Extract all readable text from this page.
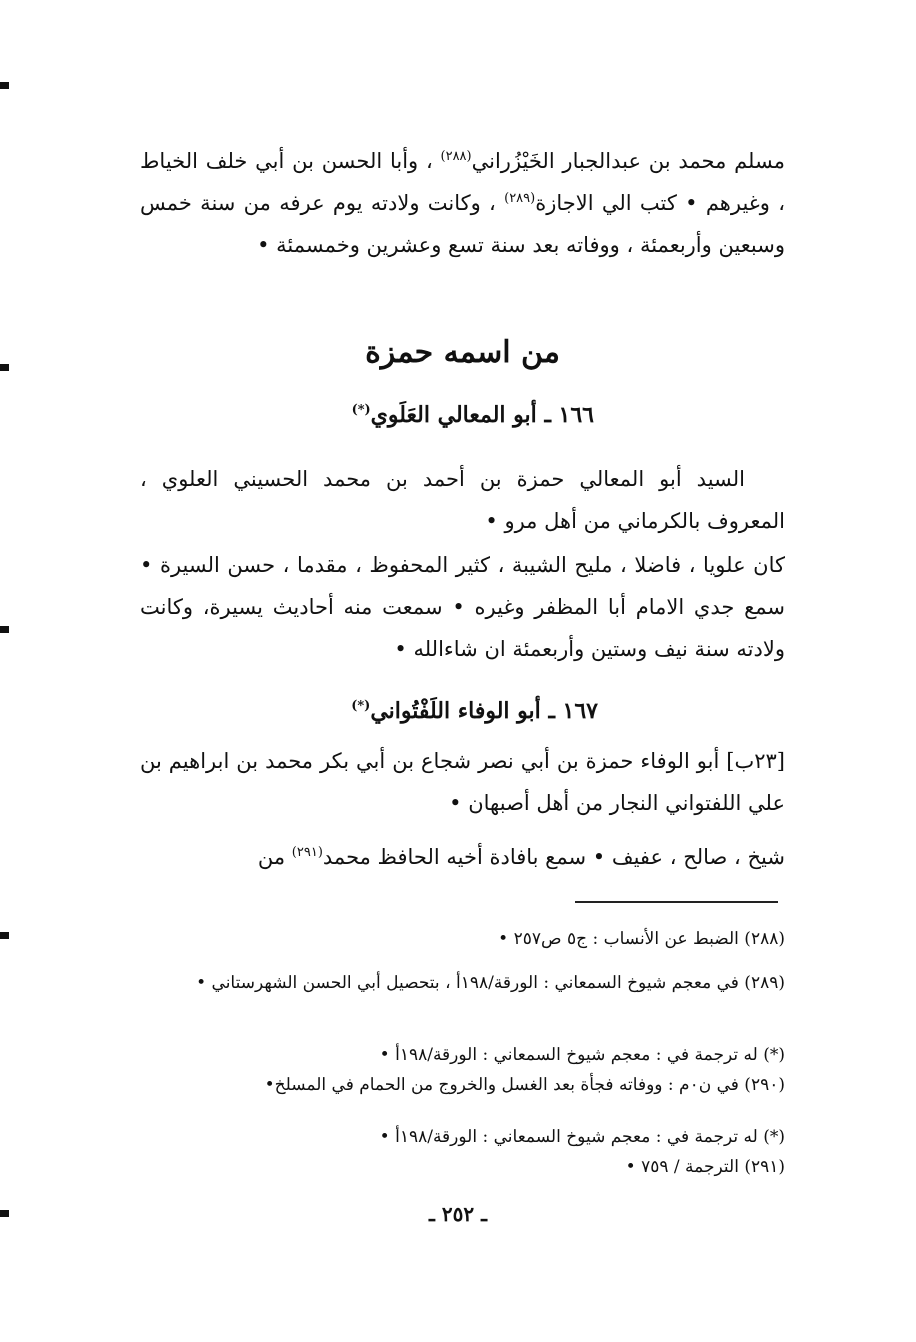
مسلم محمد بن عبدالجبار الخَيْزُراني$^{(٢٨٨)}$ ، وأبا الحسن بن أبي خلف الخياط ، وغيرهم • كتب الي الاجازة$^{(٢٨٩)}$ ، وكانت ولادته يوم عرفه من سنة خمس وسبعين وأربعمئة ، ووفاته بعد سنة تسع وعشرين وخمسمئة •
من اسمه حمزة
١٦٦ ـ أبو المعالي العَلَوي(*)
السيد أبو المعالي حمزة بن أحمد بن محمد الحسيني العلوي ، المعروف بالكرماني من أهل مرو •
كان علويا ، فاضلا ، مليح الشيبة ، كثير المحفوظ ، مقدما ، حسن السيرة • سمع جدي الامام أبا المظفر وغيره • سمعت منه أحاديث يسيرة، وكانت ولادته سنة نيف وستين وأربعمئة ان شاءالله •
١٦٧ ـ أبو الوفاء اللَفْتُواني(*)
[٢٣ب] أبو الوفاء حمزة بن أبي نصر شجاع بن أبي بكر محمد بن ابراهيم بن علي اللفتواني النجار من أهل أصبهان •
شيخ ، صالح ، عفيف • سمع بافادة أخيه الحافظ محمد$^{(٢٩١)}$ من
(٢٨٨) الضبط عن الأنساب : ج٥ ص٢٥٧ •
(٢٨٩) في معجم شيوخ السمعاني : الورقة/١٩٨أ ، بتحصيل أبي الحسن الشهرستاني •
(*) له ترجمة في : معجم شيوخ السمعاني : الورقة/١٩٨أ •
(٢٩٠) في ن٠م : ووفاته فجأة بعد الغسل والخروج من الحمام في المسلخ•
(*) له ترجمة في : معجم شيوخ السمعاني : الورقة/١٩٨أ •
(٢٩١) الترجمة / ٧٥٩ •
ـ ٢٥٢ ـ
